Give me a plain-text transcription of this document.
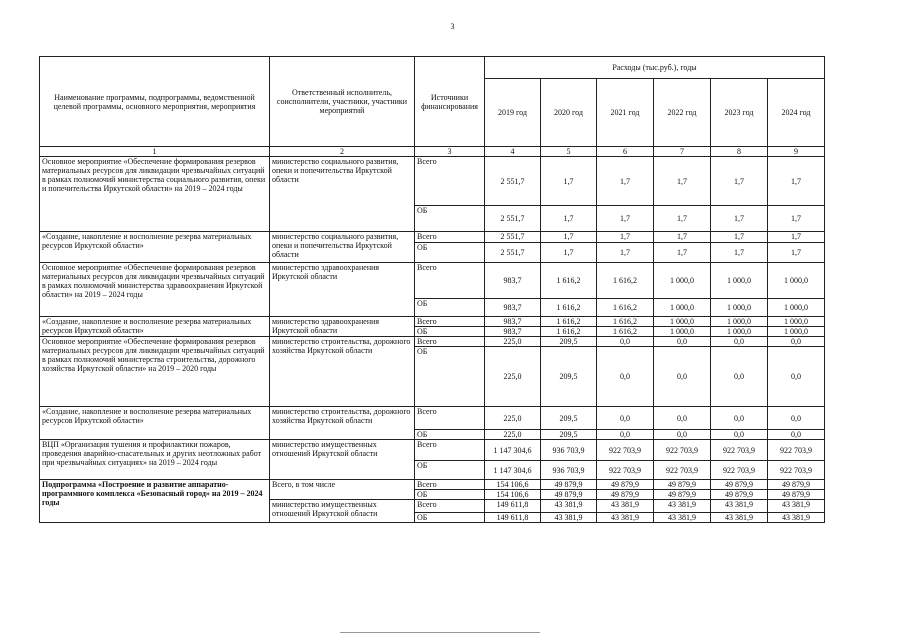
3
Наименование программы, подпрограммы, ведомственной целевой программы, основного мероприятия, мероприятия	Ответственный исполнитель, соисполнители, участники, участники мероприятий	Источники финансирования	Расходы (тыс.руб.), годы					
			2019 год	2020 год	2021 год	2022 год	2023 год	2024 год
1	2	3	4	5	6	7	8	9
Основное мероприятие «Обеспечение формирования резервов материальных ресурсов для ликвидации чрезвычайных ситуаций в рамках полномочий министерства социального развития, опеки и попечительства Иркутской области» на 2019 – 2024 годы	министерство социального развития, опеки и попечительства Иркутской области	Всего	2 551,7	1,7	1,7	1,7	1,7	1,7
		ОБ	2 551,7	1,7	1,7	1,7	1,7	1,7
«Создание, накопление и восполнение резерва материальных ресурсов Иркутской области»	министерство социального развития, опеки и попечительства Иркутской области	Всего	2 551,7	1,7	1,7	1,7	1,7	1,7
		ОБ	2 551,7	1,7	1,7	1,7	1,7	1,7
Основное мероприятие «Обеспечение формирования резервов материальных ресурсов для ликвидации чрезвычайных ситуаций в рамках полномочий министерства здравоохранения Иркутской области» на 2019 – 2024 годы	министерство здравоохранения Иркутской области	Всего	983,7	1 616,2	1 616,2	1 000,0	1 000,0	1 000,0
		ОБ	983,7	1 616,2	1 616,2	1 000,0	1 000,0	1 000,0
«Создание, накопление и восполнение резерва материальных ресурсов Иркутской области»	министерство здравоохранения Иркутской области	Всего	983,7	1 616,2	1 616,2	1 000,0	1 000,0	1 000,0
		ОБ	983,7	1 616,2	1 616,2	1 000,0	1 000,0	1 000,0
Основное мероприятие «Обеспечение формирования резервов материальных ресурсов для ликвидации чрезвычайных ситуаций в рамках полномочий министерства строительства, дорожного хозяйства Иркутской области» на 2019 – 2020 годы	министерство строительства, дорожного хозяйства Иркутской области	Всего	225,0	209,5	0,0	0,0	0,0	0,0
		ОБ	225,0	209,5	0,0	0,0	0,0	0,0
«Создание, накопление и восполнение резерва материальных ресурсов Иркутской области»	министерство строительства, дорожного хозяйства Иркутской области	Всего	225,0	209,5	0,0	0,0	0,0	0,0
		ОБ	225,0	209,5	0,0	0,0	0,0	0,0
ВЦП «Организация тушения и профилактики пожаров, проведения аварийно-спасательных и других неотложных работ при чрезвычайных ситуациях» на 2019 – 2024 годы	министерство имущественных отношений Иркутской области	Всего	1 147 304,6	936 703,9	922 703,9	922 703,9	922 703,9	922 703,9
		ОБ	1 147 304,6	936 703,9	922 703,9	922 703,9	922 703,9	922 703,9
Подпрограмма «Построение и развитие аппаратно-программного комплекса «Безопасный город» на 2019 – 2024 годы	Всего, в том числе	Всего	154 106,6	49 879,9	49 879,9	49 879,9	49 879,9	49 879,9
		ОБ	154 106,6	49 879,9	49 879,9	49 879,9	49 879,9	49 879,9
	министерство имущественных отношений Иркутской области	Всего	149 611,8	43 381,9	43 381,9	43 381,9	43 381,9	43 381,9
		ОБ	149 611,8	43 381,9	43 381,9	43 381,9	43 381,9	43 381,9
